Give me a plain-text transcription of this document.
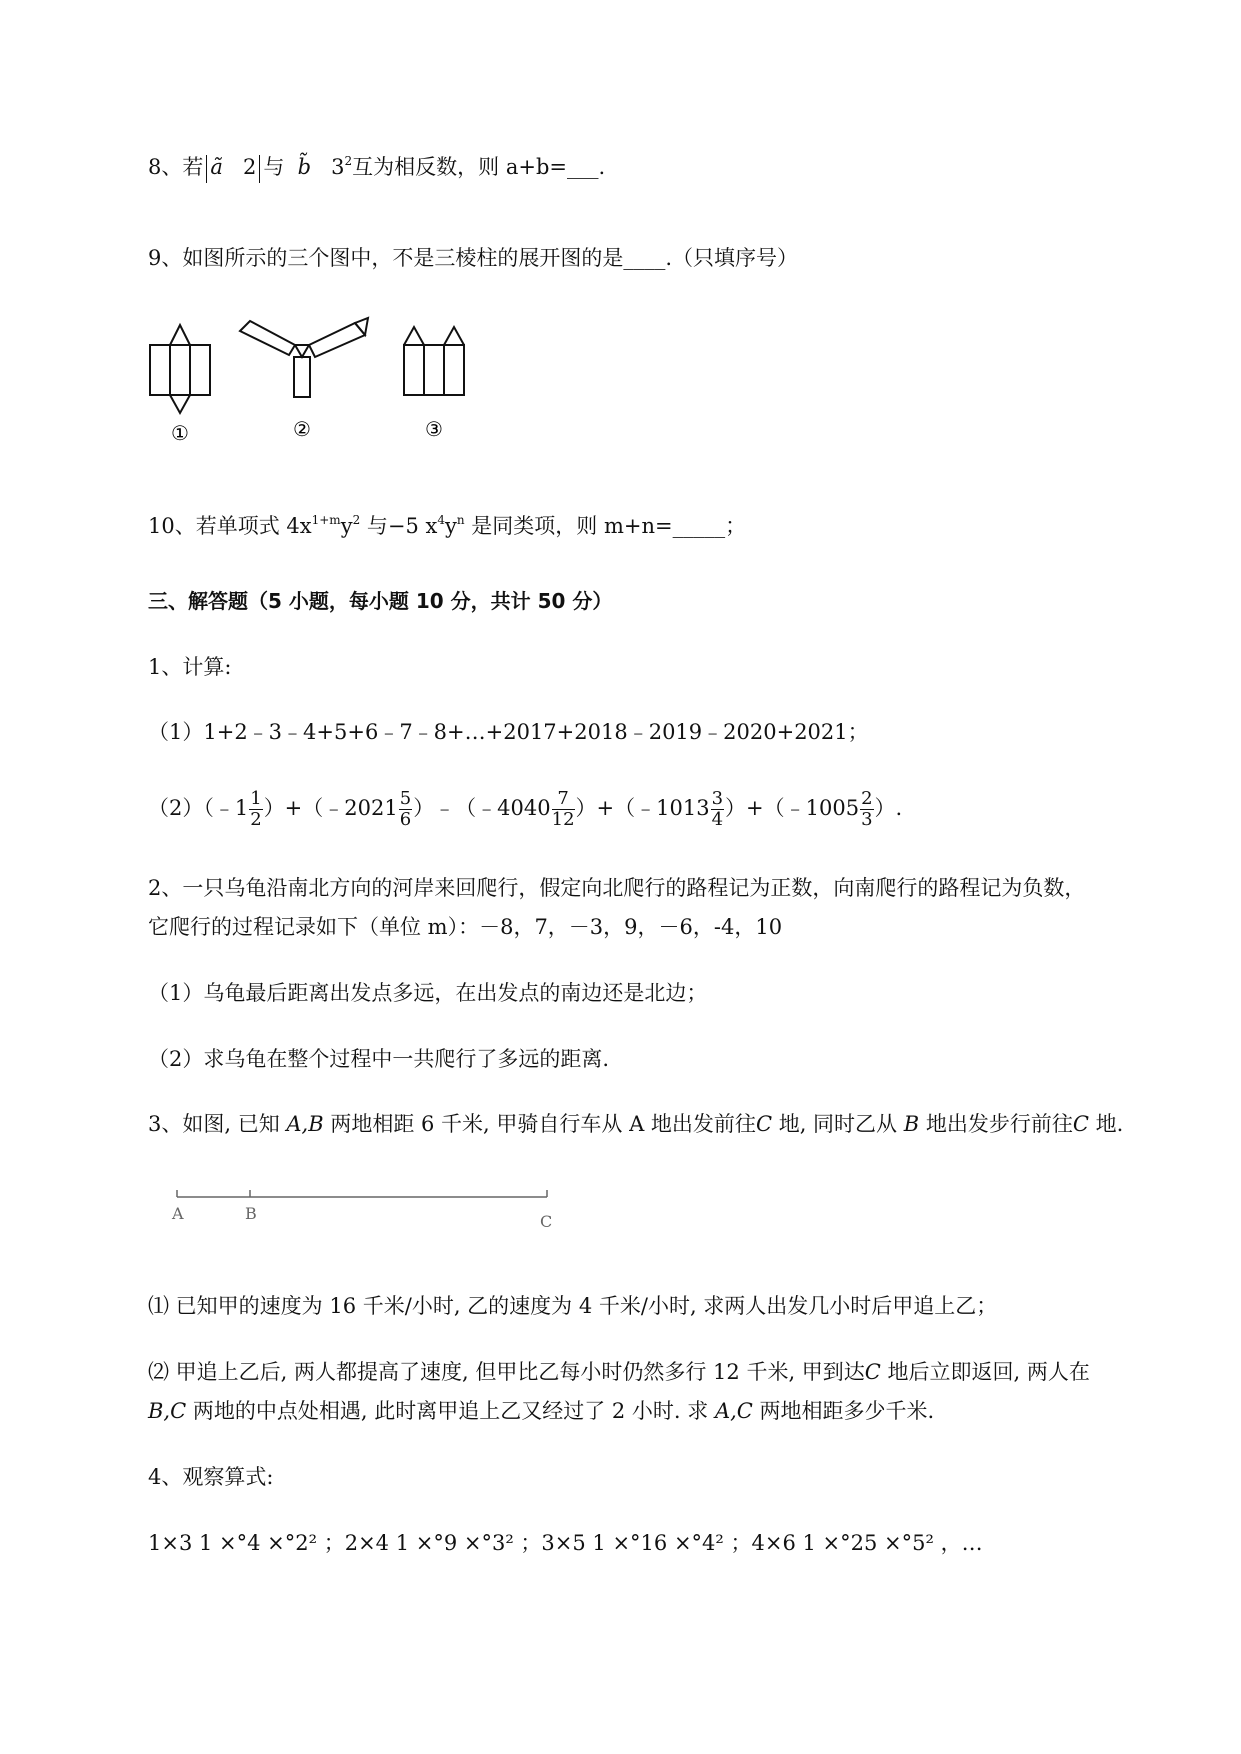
8、若 ã 2 与 b̃ $3^2$互为相反数，则 a+b=___.
9、如图所示的三个图中，不是三棱柱的展开图的是____.（只填序号）
①	②	③
10、若单项式 $4x^{1+m}y^2$ 与−5 $x^4y^n$ 是同类项，则 m+n=_____；
三、解答题（5 小题，每小题 10 分，共计 50 分）
1、计算:
（1）1+2﹣3﹣4+5+6﹣7﹣8+…+2017+2018﹣2019﹣2020+2021；
（2）（﹣1 $\frac{1}{2}$ ）+（﹣2021 $\frac{5}{6}$ ）﹣（﹣4040 $\frac{7}{12}$ ）+（﹣1013 $\frac{3}{4}$ ）+（﹣1005 $\frac{2}{3}$ ）.
2、一只乌龟沿南北方向的河岸来回爬行，假定向北爬行的路程记为正数，向南爬行的路程记为负数，
它爬行的过程记录如下（单位 m）：－8，7，－3，9，－6，-4，10
（1）乌龟最后距离出发点多远，在出发点的南边还是北边；
（2）求乌龟在整个过程中一共爬行了多远的距离.
3、如图, 已知 A,B 两地相距 6 千米, 甲骑自行车从 A 地出发前往C 地, 同时乙从 B 地出发步行前往C 地.
A	B	C
⑴ 已知甲的速度为 16 千米/小时, 乙的速度为 4 千米/小时, 求两人出发几小时后甲追上乙；
⑵ 甲追上乙后, 两人都提高了速度, 但甲比乙每小时仍然多行 12 千米, 甲到达C 地后立即返回, 两人在
B,C 两地的中点处相遇, 此时离甲追上乙又经过了 2 小时. 求 A,C 两地相距多少千米.
4、观察算式:
1×3 1 ×°4 ×°2² ；2×4 1 ×°9 ×°3² ；3×5 1 ×°16 ×°4² ；4×6 1 ×°25 ×°5² ，…
